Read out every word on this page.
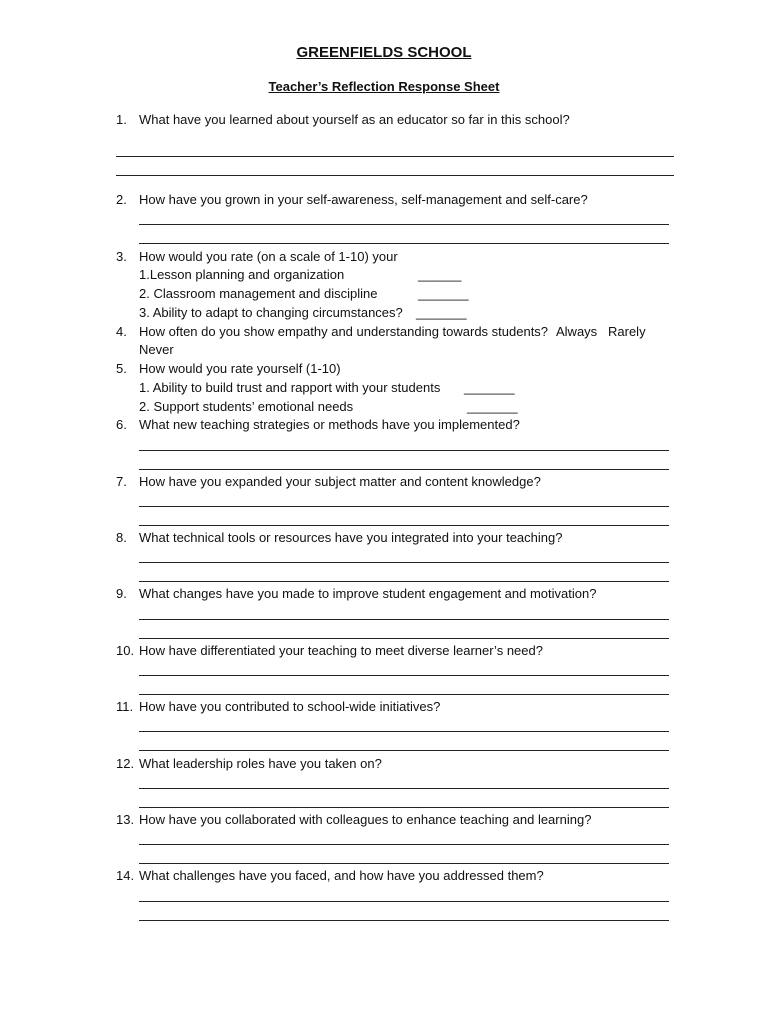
GREENFIELDS SCHOOL
Teacher’s Reflection Response Sheet
1. What have you learned about yourself as an educator so far in this school?
2. How have you grown in your self-awareness, self-management and self-care?
3. How would you rate (on a scale of 1-10) your
1.Lesson planning and organization	______
2. Classroom management and discipline	_______
3. Ability to adapt to changing circumstances? _______
4. How often do you show empathy and understanding towards students? Always Rarely
Never
5. How would you rate yourself (1-10)
1. Ability to build trust and rapport with your students _______
2. Support students’ emotional needs	_______
6. What new teaching strategies or methods have you implemented?
7. How have you expanded your subject matter and content knowledge?
8. What technical tools or resources have you integrated into your teaching?
9. What changes have you made to improve student engagement and motivation?
10. How have differentiated your teaching to meet diverse learner’s need?
11. How have you contributed to school-wide initiatives?
12. What leadership roles have you taken on?
13. How have you collaborated with colleagues to enhance teaching and learning?
14. What challenges have you faced, and how have you addressed them?
